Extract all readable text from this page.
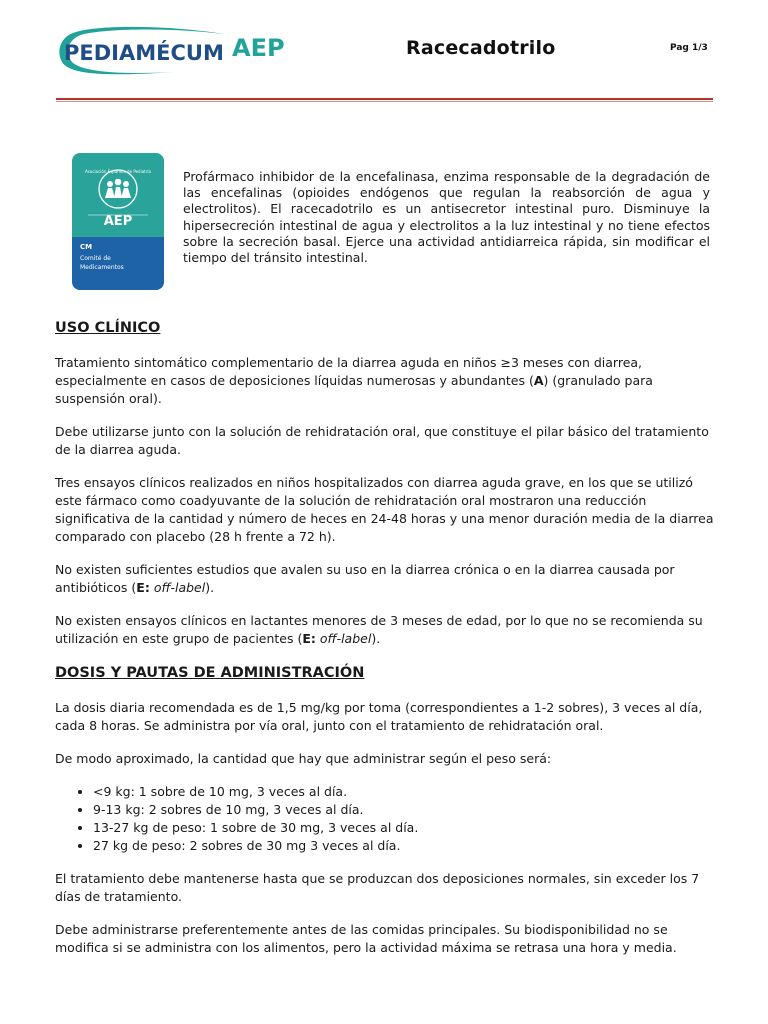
PEDIAMÉCUM AEP	Racecadotrilo	Pag 1/3
Asociación Española de Pediatría
AEP
CM
Comité de
Medicamentos

Profármaco inhibidor de la encefalinasa, enzima responsable de la degradación de las encefalinas (opioides endógenos que regulan la reabsorción de agua y electrolitos). El racecadotrilo es un antisecretor intestinal puro. Disminuye la hipersecreción intestinal de agua y electrolitos a la luz intestinal y no tiene efectos sobre la secreción basal. Ejerce una actividad antidiarreica rápida, sin modificar el tiempo del tránsito intestinal.

USO CLÍNICO

Tratamiento sintomático complementario de la diarrea aguda en niños ≥3 meses con diarrea, especialmente en casos de deposiciones líquidas numerosas y abundantes (A) (granulado para suspensión oral).

Debe utilizarse junto con la solución de rehidratación oral, que constituye el pilar básico del tratamiento de la diarrea aguda.

Tres ensayos clínicos realizados en niños hospitalizados con diarrea aguda grave, en los que se utilizó este fármaco como coadyuvante de la solución de rehidratación oral mostraron una reducción significativa de la cantidad y número de heces en 24-48 horas y una menor duración media de la diarrea comparado con placebo (28 h frente a 72 h).

No existen suficientes estudios que avalen su uso en la diarrea crónica o en la diarrea causada por antibióticos (E: off-label).

No existen ensayos clínicos en lactantes menores de 3 meses de edad, por lo que no se recomienda su utilización en este grupo de pacientes (E: off-label).

DOSIS Y PAUTAS DE ADMINISTRACIÓN

La dosis diaria recomendada es de 1,5 mg/kg por toma (correspondientes a 1-2 sobres), 3 veces al día, cada 8 horas. Se administra por vía oral, junto con el tratamiento de rehidratación oral.

De modo aproximado, la cantidad que hay que administrar según el peso será:

• <9 kg: 1 sobre de 10 mg, 3 veces al día.
• 9-13 kg: 2 sobres de 10 mg, 3 veces al día.
• 13-27 kg de peso: 1 sobre de 30 mg, 3 veces al día.
• 27 kg de peso: 2 sobres de 30 mg 3 veces al día.

El tratamiento debe mantenerse hasta que se produzcan dos deposiciones normales, sin exceder los 7 días de tratamiento.

Debe administrarse preferentemente antes de las comidas principales. Su biodisponibilidad no se modifica si se administra con los alimentos, pero la actividad máxima se retrasa una hora y media.
